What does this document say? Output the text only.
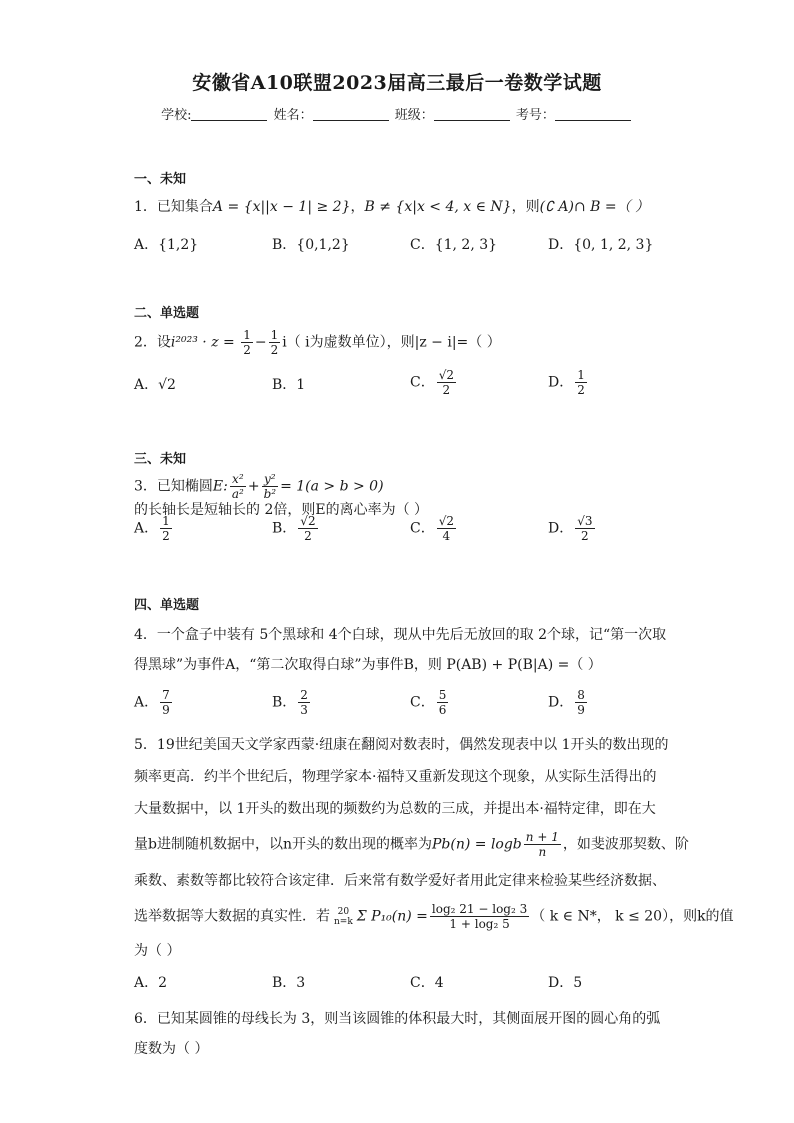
安徽省A10联盟2023届高三最后一卷数学试题
学校:	姓名：	班级：	考号：
一、未知
1．已知集合A = {x||x − 1| ≥ 2}，B ≠ {x|x < 4, x ∈ N}，则(∁ A)∩ B =（ ）
A．{1,2}	B．{0,1,2}	C．{1, 2, 3}	D．{0, 1, 2, 3}
二、单选题
2．设$i^{2023} \cdot z = \frac{1}{2} - \frac{1}{2} i$（ i为虚数单位），则|z − i|=（ ）
A．√2	B．1	C． $\frac{√2}{2}$	D． $\frac{1}{2}$
三、未知
3．已知椭圆E: $\frac{\text{x²}}{\text{a²}} + \frac{\text{y²}}{\text{b²}} = 1(a > b > 0)$的长轴长是短轴长的 2倍，则E的离心率为（ ）
A． $\frac{1}{2}$	B． $\frac{√2}{2}$	C． $\frac{√2}{4}$	D． $\frac{√3}{2}$
四、单选题
4．一个盒子中装有 5个黑球和 4个白球，现从中先后无放回的取 2个球，记“第一次取
得黑球”为事件A，“第二次取得白球”为事件B，则 P(AB) + P(B|A) =（ ）
A． $\frac{7}{9}$	B． $\frac{2}{3}$	C． $\frac{5}{6}$	D． $\frac{8}{9}$
5．19世纪美国天文学家西蒙·纽康在翻阅对数表时，偶然发现表中以 1开头的数出现的
频率更高．约半个世纪后，物理学家本·福特又重新发现这个现象，从实际生活得出的
大量数据中，以 1开头的数出现的频数约为总数的三成，并提出本·福特定律，即在大
量b进制随机数据中，以n开头的数出现的概率为Pb(n) = logb $\frac{n + 1}{n}$ ，如斐波那契数、阶
乘数、素数等都比较符合该定律．后来常有数学爱好者用此定律来检验某些经济数据、
选举数据等大数据的真实性．若 20
n=k Σ $P_{10}(n) = \frac{\text{log₂ 21 − log₂ 3}}{\text{1 + log₂ 5}}$ （ k ∈ N*， k ≤ 20），则k的值
为（ ）
A．2	B．3	C．4	D．5
6．已知某圆锥的母线长为 3，则当该圆锥的体积最大时，其侧面展开图的圆心角的弧
度数为（ ）
